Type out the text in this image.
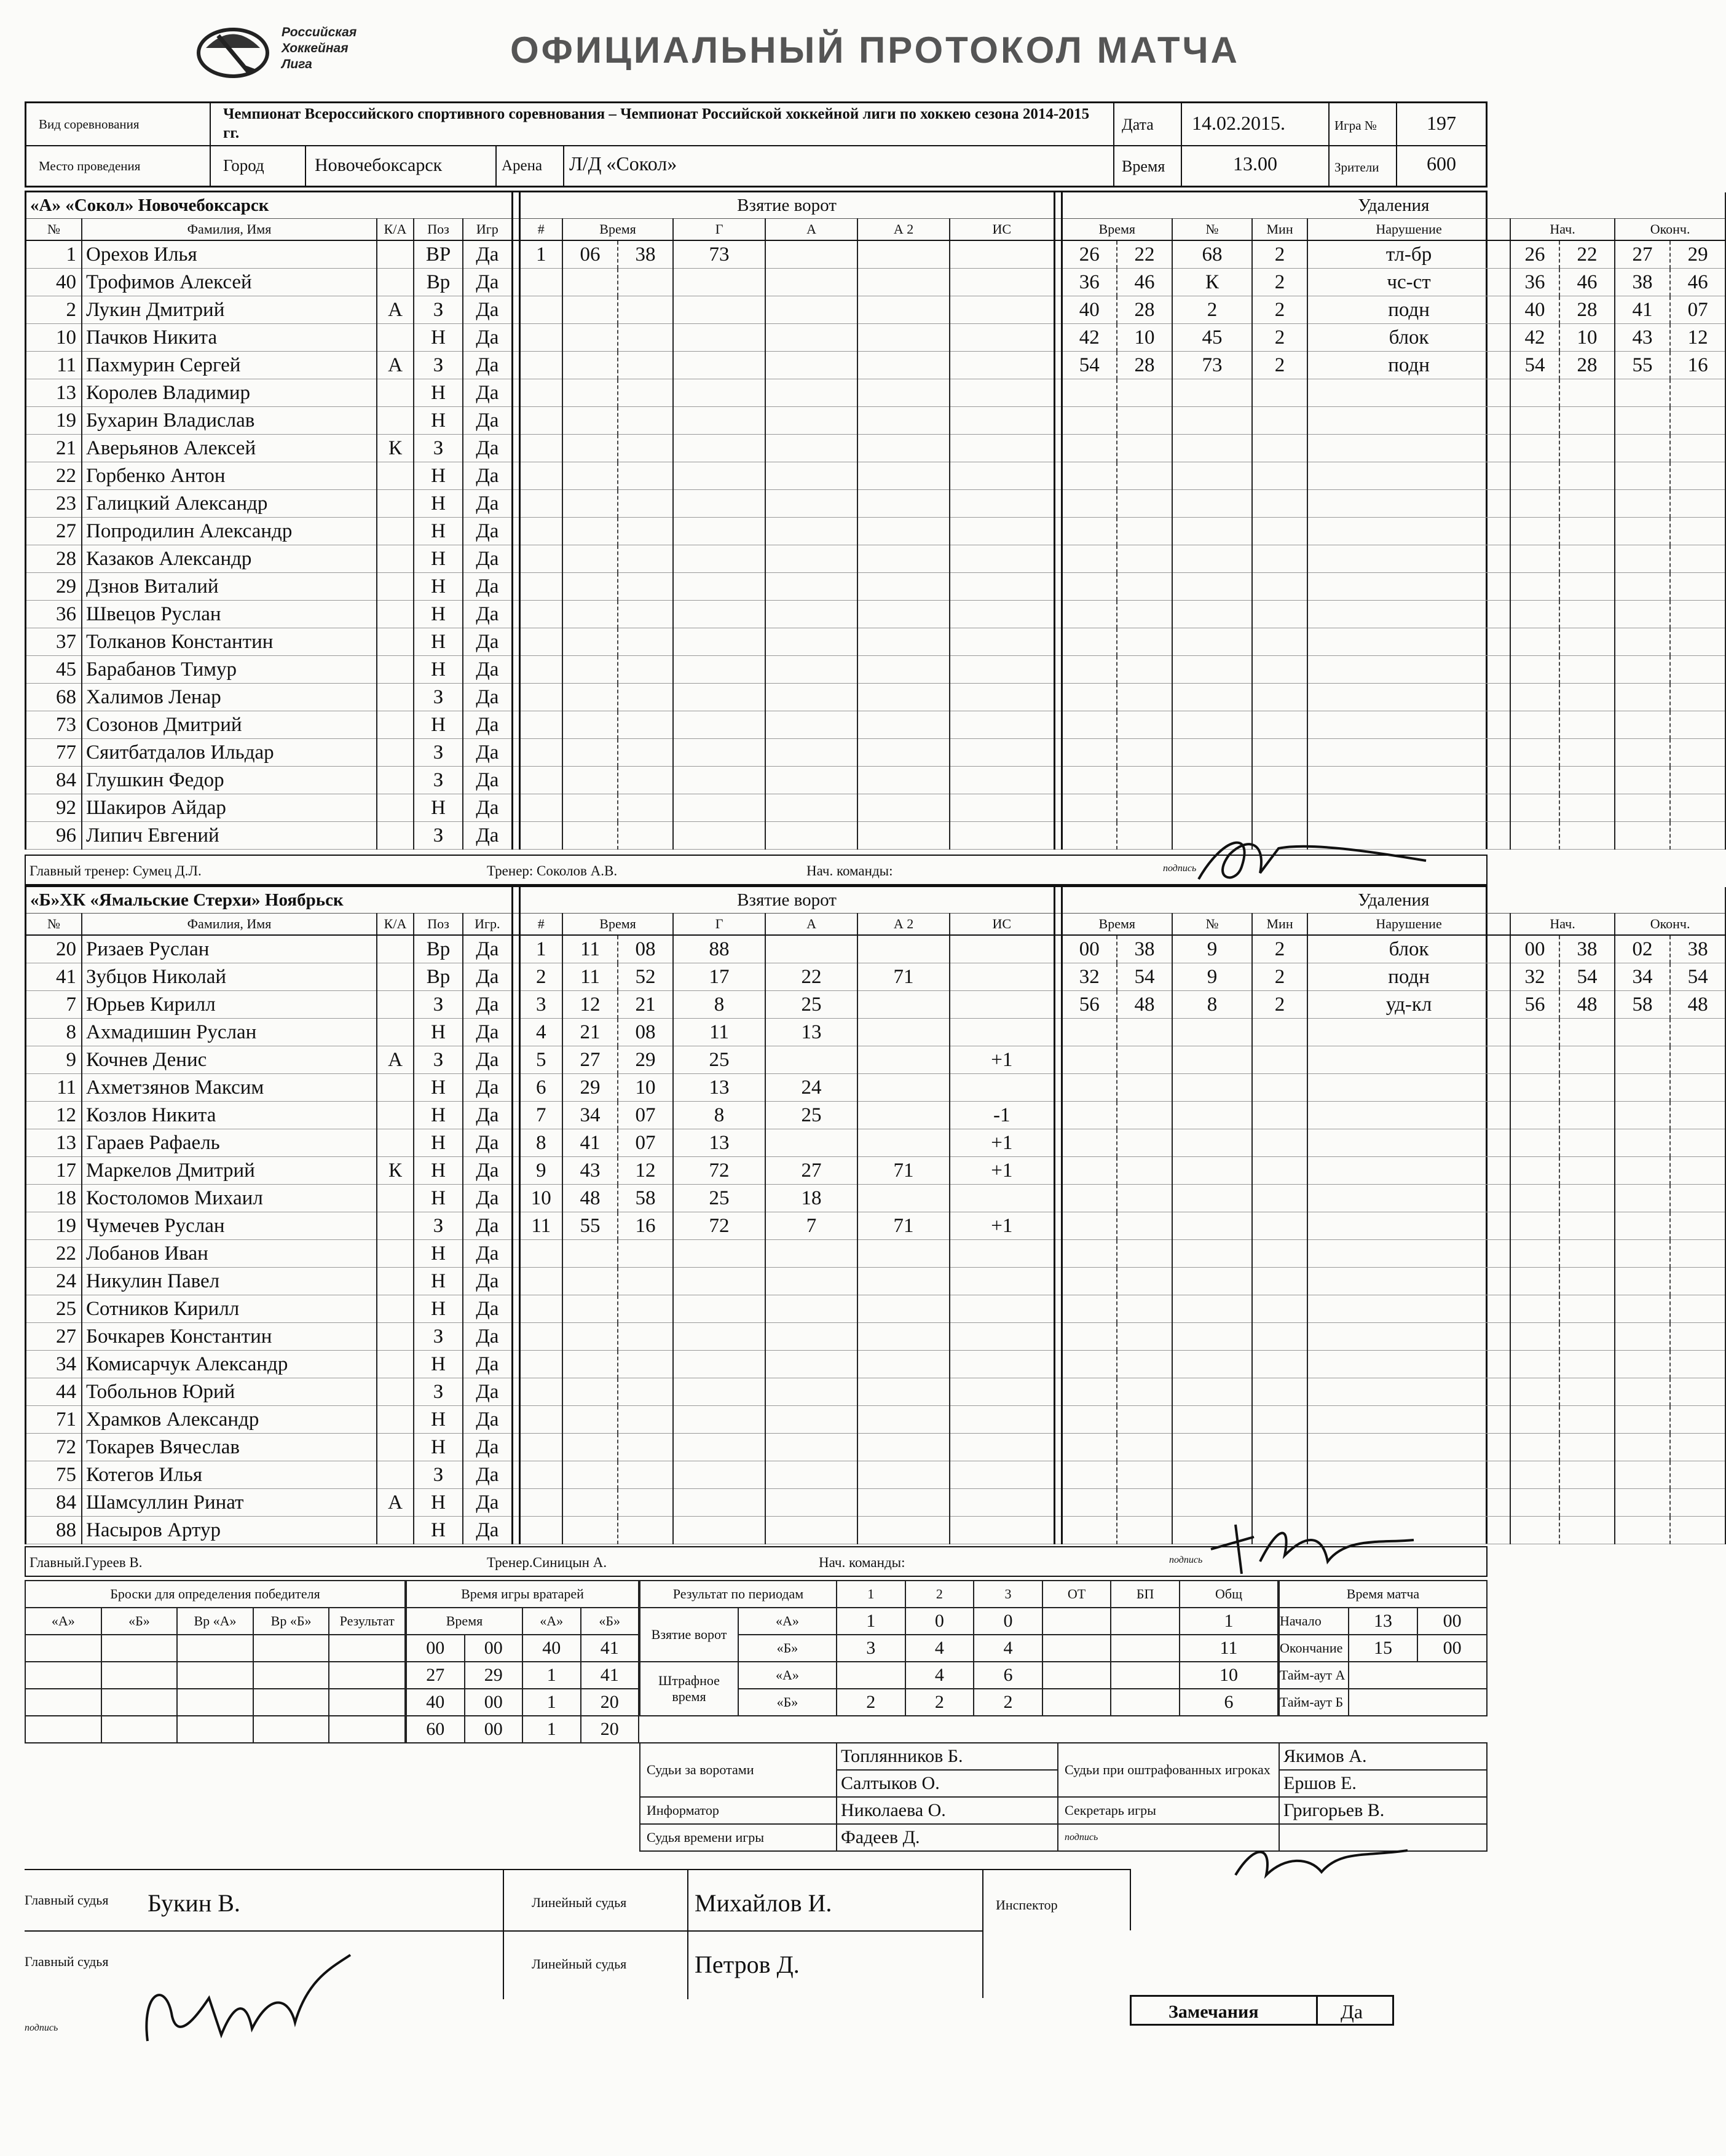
Российская
Хоккейная
Лига	ОФИЦИАЛЬНЫЙ ПРОТОКОЛ МАТЧА
Вид соревнования
Чемпионат Всероссийского спортивного соревнования – Чемпионат Российской хоккейной лиги по хоккею сезона 2014-2015 гг.	Дата	14.02.2015.	Игра №	197
Место проведения	Город	Новочебоксарск	Арена	Л/Д «Сокол»	Время	13.00	Зрители	600
«А» «Сокол» Новочебоксарск						Взятие ворот								Удаления								
№	Фамилия, Имя	К/А	Поз	Игр		#	Время		Г	А	А 2	ИС		Время		№	Мин	Нарушение	Нач.		Оконч.	
1	Орехов Илья		ВР	Да		1	06	38	73					26	22	68	2	тл-бр	26	22	27	29
40	Трофимов Алексей		Вр	Да										36	46	К	2	чс-ст	36	46	38	46
2	Лукин Дмитрий	А	З	Да										40	28	2	2	подн	40	28	41	07
10	Пачков Никита		Н	Да										42	10	45	2	блок	42	10	43	12
11	Пахмурин Сергей	А	З	Да										54	28	73	2	подн	54	28	55	16
13	Королев Владимир		Н	Да																		
19	Бухарин Владислав		Н	Да																		
21	Аверьянов Алексей	К	З	Да																		
22	Горбенко Антон		Н	Да																		
23	Галицкий Александр		Н	Да																		
27	Попродилин Александр		Н	Да																		
28	Казаков Александр		Н	Да																		
29	Дзнов Виталий		Н	Да																		
36	Швецов Руслан		Н	Да																		
37	Толканов Константин		Н	Да																		
45	Барабанов Тимур		Н	Да																		
68	Халимов Ленар		З	Да																		
73	Созонов Дмитрий		Н	Да																		
77	Сяитбатдалов Ильдар		З	Да																		
84	Глушкин Федор		З	Да																		
92	Шакиров Айдар		Н	Да																		
96	Липич Евгений		З	Да																		
Главный тренер: Сумец Д.Л.	Тренер: Соколов А.В.	Нач. команды:	подпись
«Б»ХК «Ямальские Стерхи» Ноябрьск						Взятие ворот								Удаления								
№	Фамилия, Имя	К/А	Поз	Игр.		#	Время		Г	А	А 2	ИС		Время		№	Мин	Нарушение	Нач.		Оконч.	
20	Ризаев Руслан		Вр	Да		1	11	08	88					00	38	9	2	блок	00	38	02	38
41	Зубцов Николай		Вр	Да		2	11	52	17	22	71			32	54	9	2	подн	32	54	34	54
7	Юрьев Кирилл		З	Да		3	12	21	8	25				56	48	8	2	уд-кл	56	48	58	48
8	Ахмадишин Руслан		Н	Да		4	21	08	11	13												
9	Кочнев Денис	А	З	Да		5	27	29	25			+1										
11	Ахметзянов Максим		Н	Да		6	29	10	13	24												
12	Козлов Никита		Н	Да		7	34	07	8	25		-1										
13	Гараев Рафаель		Н	Да		8	41	07	13			+1										
17	Маркелов Дмитрий	К	Н	Да		9	43	12	72	27	71	+1										
18	Костоломов Михаил		Н	Да		10	48	58	25	18												
19	Чумечев Руслан		З	Да		11	55	16	72	7	71	+1										
22	Лобанов Иван		Н	Да																		
24	Никулин Павел		Н	Да																		
25	Сотников Кирилл		Н	Да																		
27	Бочкарев Константин		З	Да																		
34	Комисарчук Александр		Н	Да																		
44	Тобольнов Юрий		З	Да																		
71	Храмков Александр		Н	Да																		
72	Токарев Вячеслав		Н	Да																		
75	Котегов Илья		З	Да																		
84	Шамсуллин Ринат	А	Н	Да																		
88	Насыров Артур		Н	Да																		
Главный.Гуреев В.	Тренер.Синицын А.	Нач. команды:	подпись
Броски для определения победителя				
«А»	«Б»	Вр «А»	Вр «Б»	Результат

Время игры вратарей			
Время		«А»	«Б»
00	00	40	41
27	29	1	41
40	00	1	20
60	00	1	20
Результат по периодам		1	2	3	ОТ	БП	Общ
Взятие ворот	«А»	1	0	0			1
	«Б»	3	4	4			11
Штрафное время	«А»		4	6			10
	«Б»	2	2	2			6
Время матча		
Начало	13	00
Окончание	15	00
Тайм-аут А		
Тайм-аут Б		
Судьи за воротами	Топлянников Б.	Судьи при оштрафованных игроках	Якимов А.
	Салтыков О.		Ершов Е.
Информатор	Николаева О.	Секретарь игры	Григорьев В.
Судья времени игры	Фадеев Д.	подпись	
Главный судья Букин В.	Линейный судья	Михайлов И.
Главный судья	Линейный судья	Петров Д.
Инспектор
подпись
Замечания	Да
